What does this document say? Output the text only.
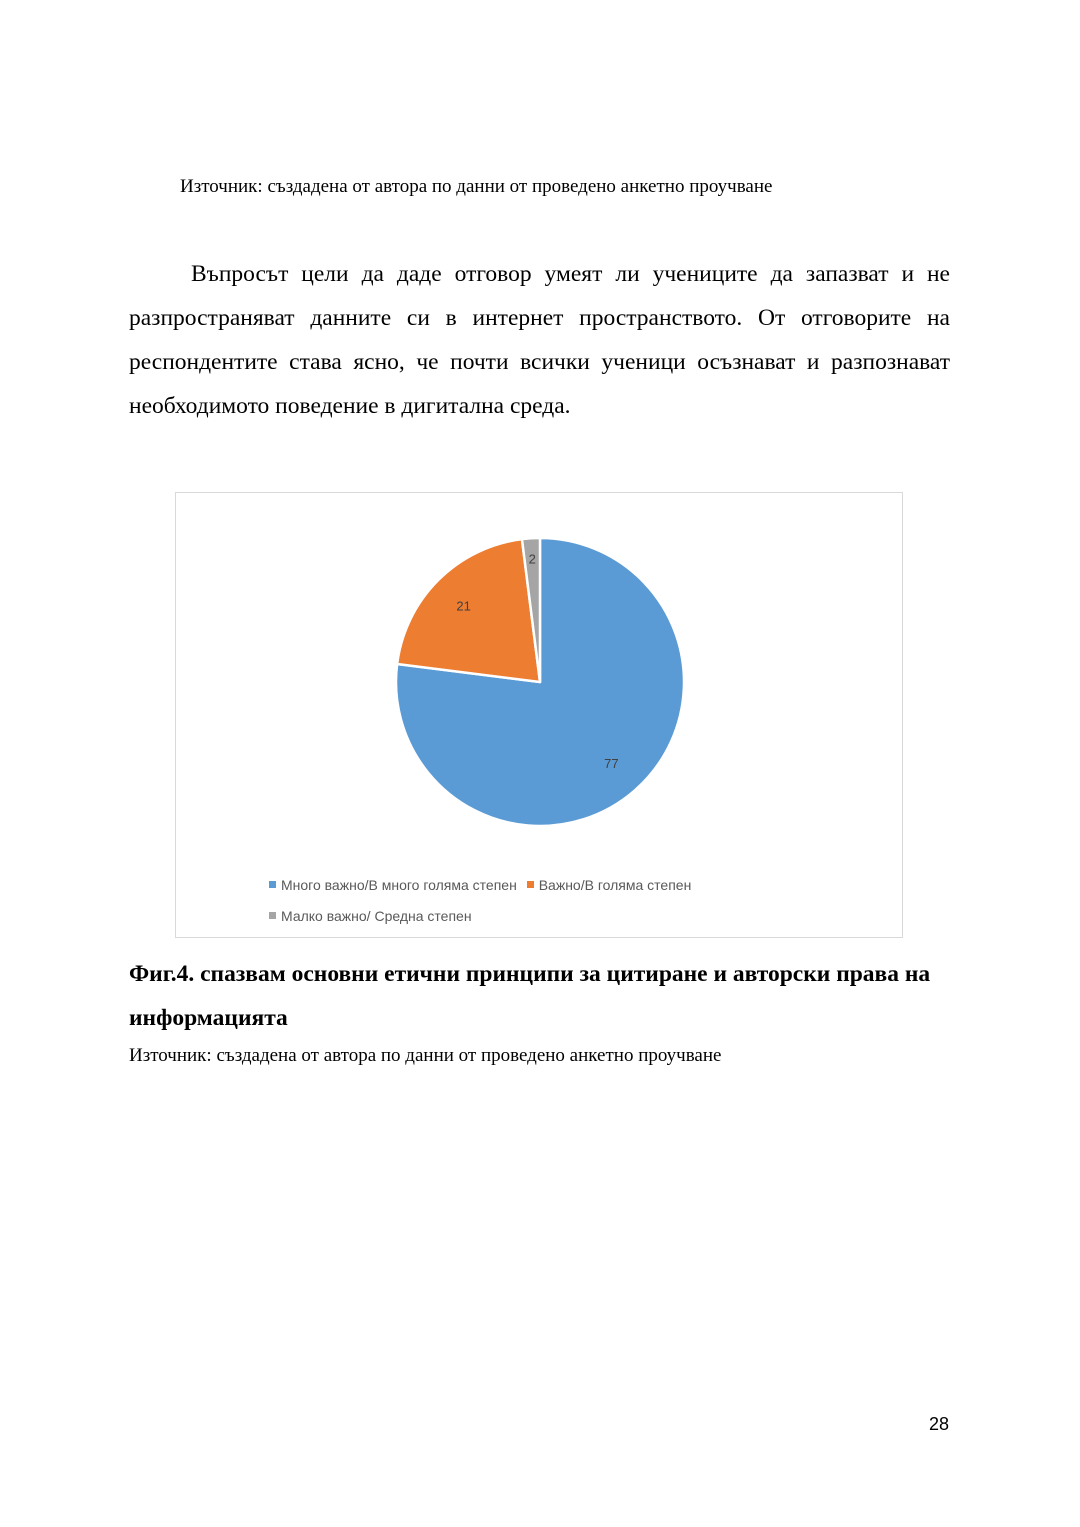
Източник: създадена от автора по данни от проведено анкетно проучване
Въпросът цели да даде отговор умеят ли учениците да запазват и не разпространяват данните си в интернет пространството. От отговорите на респондентите става ясно, че почти всички ученици осъзнават и разпознават необходимото поведение в дигитална среда.
77
21
2
Много важно/В много голяма степен Важно/В голяма степен
Малко важно/ Средна степен
Фиг.4. спазвам основни етични принципи за цитиране и авторски права на информацията
Източник: създадена от автора по данни от проведено анкетно проучване
28
